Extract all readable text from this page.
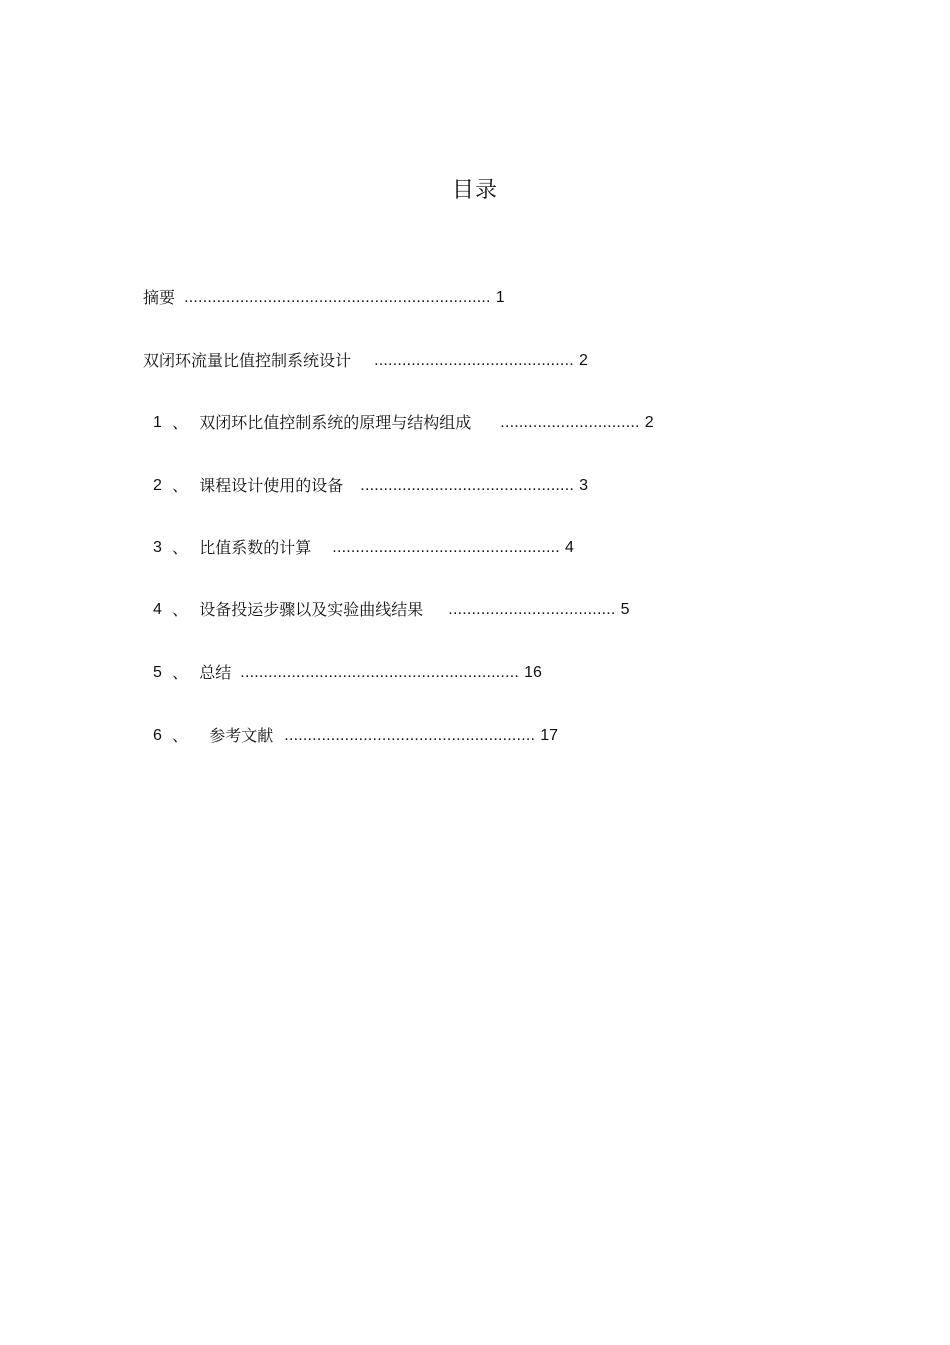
目录
摘要 .................................................................. 1
双闭环流量比值控制系统设计 ........................................... 2
1 、 双闭环比值控制系统的原理与结构组成 .............................. 2
2 、 课程设计使用的设备 .............................................. 3
3 、 比值系数的计算 ................................................. 4
4 、 设备投运步骤以及实验曲线结果 .................................... 5
5 、 总结 ............................................................ 16
6 、 参考文献 ...................................................... 17
